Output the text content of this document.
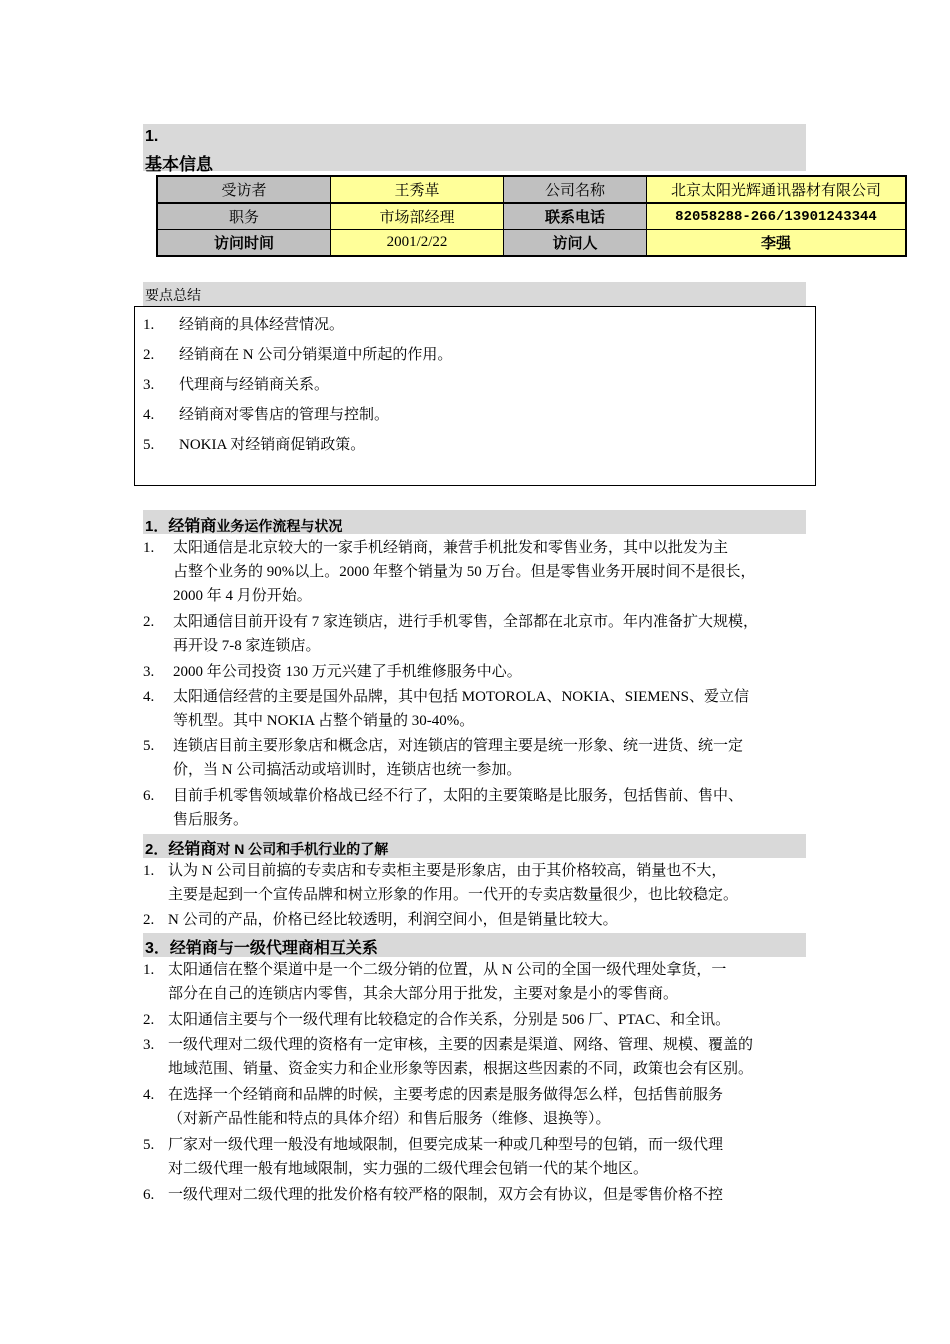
1.
基本信息
受访者	王秀革	公司名称	北京太阳光辉通讯器材有限公司
职务	市场部经理	联系电话	82058288-266/13901243344
访问时间	2001/2/22	访问人	李强
要点总结
1. 经销商的具体经营情况。
2. 经销商在 N 公司分销渠道中所起的作用。
3. 代理商与经销商关系。
4. 经销商对零售店的管理与控制。
5. NOKIA 对经销商促销政策。
1．经销商业务运作流程与状况
1. 太阳通信是北京较大的一家手机经销商，兼营手机批发和零售业务，其中以批发为主
占整个业务的 90%以上。2000 年整个销量为 50 万台。但是零售业务开展时间不是很长，
2000 年 4 月份开始。
2. 太阳通信目前开设有 7 家连锁店，进行手机零售，全部都在北京市。年内准备扩大规模，
再开设 7-8 家连锁店。
3. 2000 年公司投资 130 万元兴建了手机维修服务中心。
4. 太阳通信经营的主要是国外品牌，其中包括 MOTOROLA、NOKIA、SIEMENS、爱立信
等机型。其中 NOKIA 占整个销量的 30-40%。
5. 连锁店目前主要形象店和概念店，对连锁店的管理主要是统一形象、统一进货、统一定
价，当 N 公司搞活动或培训时，连锁店也统一参加。
6. 目前手机零售领域靠价格战已经不行了，太阳的主要策略是比服务，包括售前、售中、
售后服务。
2．经销商对 N 公司和手机行业的了解
1. 认为 N 公司目前搞的专卖店和专卖柜主要是形象店，由于其价格较高，销量也不大，
主要是起到一个宣传品牌和树立形象的作用。一代开的专卖店数量很少，也比较稳定。
2. N 公司的产品，价格已经比较透明，利润空间小，但是销量比较大。
3．经销商与一级代理商相互关系
1. 太阳通信在整个渠道中是一个二级分销的位置，从 N 公司的全国一级代理处拿货，一
部分在自己的连锁店内零售，其余大部分用于批发，主要对象是小的零售商。
2. 太阳通信主要与个一级代理有比较稳定的合作关系，分别是 506 厂、PTAC、和全讯。
3. 一级代理对二级代理的资格有一定审核，主要的因素是渠道、网络、管理、规模、覆盖的
地域范围、销量、资金实力和企业形象等因素，根据这些因素的不同，政策也会有区别。
4. 在选择一个经销商和品牌的时候，主要考虑的因素是服务做得怎么样，包括售前服务
（对新产品性能和特点的具体介绍）和售后服务（维修、退换等）。
5. 厂家对一级代理一般没有地域限制，但要完成某一种或几种型号的包销，而一级代理
对二级代理一般有地域限制，实力强的二级代理会包销一代的某个地区。
6. 一级代理对二级代理的批发价格有较严格的限制，双方会有协议，但是零售价格不控
